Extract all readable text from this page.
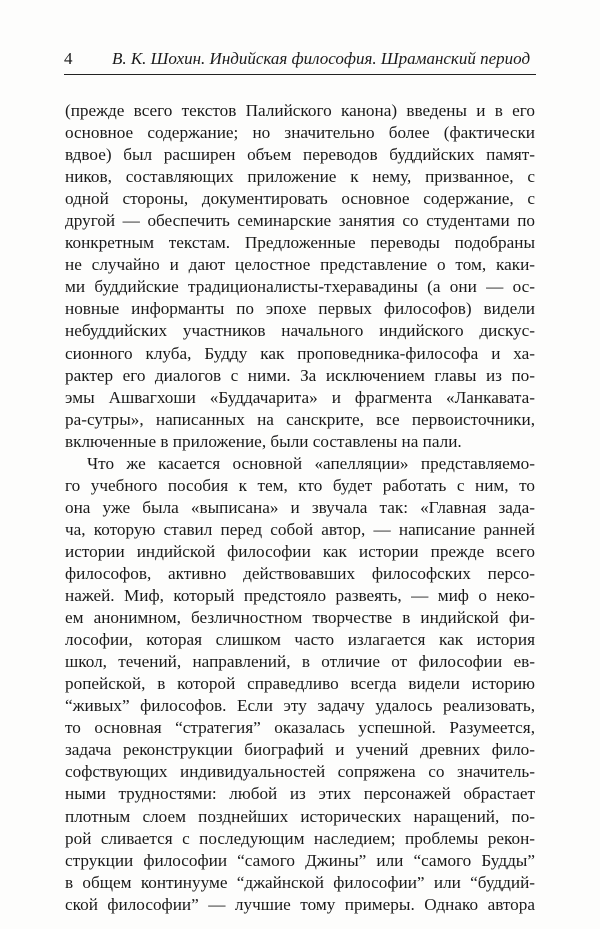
4 В. К. Шохин. Индийская философия. Шраманский период
(прежде всего текстов Палийского канона) введены и в его
основное содержание; но значительно более (фактически
вдвое) был расширен объем переводов буддийских памят-
ников, составляющих приложение к нему, призванное, с
одной стороны, документировать основное содержание, с
другой — обеспечить семинарские занятия со студентами по
конкретным текстам. Предложенные переводы подобраны
не случайно и дают целостное представление о том, каки-
ми буддийские традиционалисты-тхеравадины (а они — ос-
новные информанты по эпохе первых философов) видели
небуддийских участников начального индийского дискус-
сионного клуба, Будду как проповедника-философа и ха-
рактер его диалогов с ними. За исключением главы из по-
эмы Ашвагхоши «Буддачарита» и фрагмента «Ланкавата-
ра-сутры», написанных на санскрите, все первоисточники,
включенные в приложение, были составлены на пали.
Что же касается основной «апелляции» представляемо-
го учебного пособия к тем, кто будет работать с ним, то
она уже была «выписана» и звучала так: «Главная зада-
ча, которую ставил перед собой автор, — написание ранней
истории индийской философии как истории прежде всего
философов, активно действовавших философских персо-
нажей. Миф, который предстояло развеять, — миф о неко-
ем анонимном, безличностном творчестве в индийской фи-
лософии, которая слишком часто излагается как история
школ, течений, направлений, в отличие от философии ев-
ропейской, в которой справедливо всегда видели историю
“живых” философов. Если эту задачу удалось реализовать,
то основная “стратегия” оказалась успешной. Разумеется,
задача реконструкции биографий и учений древних фило-
софствующих индивидуальностей сопряжена со значитель-
ными трудностями: любой из этих персонажей обрастает
плотным слоем позднейших исторических наращений, по-
рой сливается с последующим наследием; проблемы рекон-
струкции философии “самого Джины” или “самого Будды”
в общем континууме “джайнской философии” или “буддий-
ской философии” — лучшие тому примеры. Однако автора
